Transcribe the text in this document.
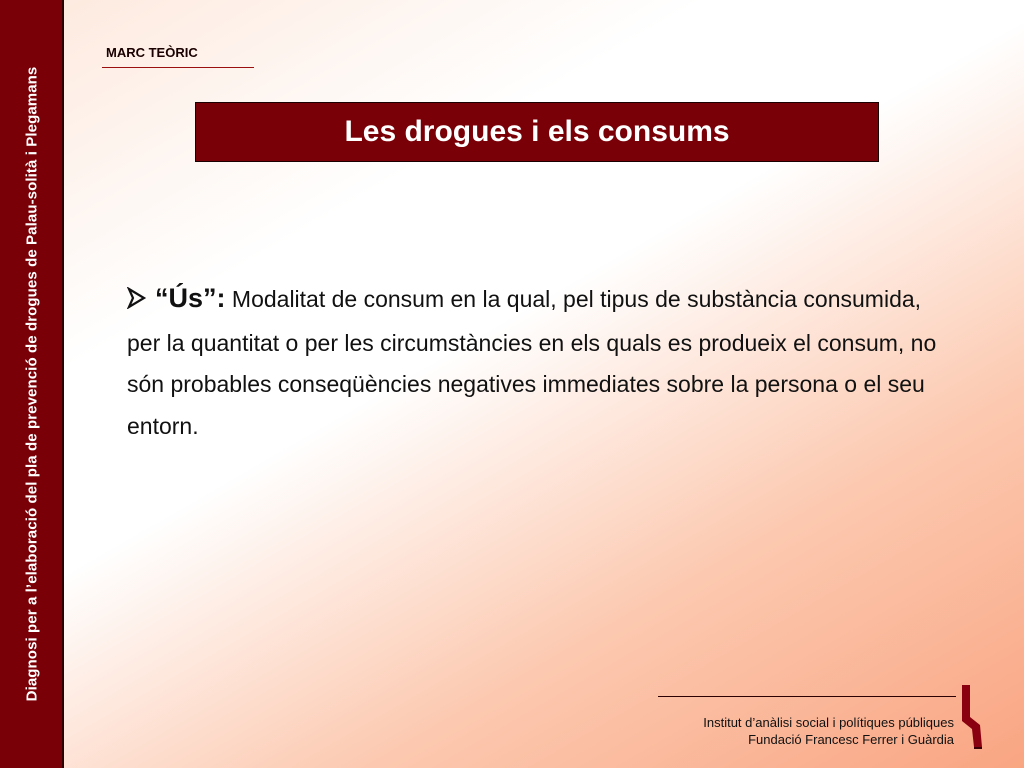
Diagnosi per a l’elaboració del pla de prevenció de drogues de Palau-solità i Plegamans
MARC TEÒRIC
Les drogues i els consums
“Ús”: Modalitat de consum en la qual, pel tipus de substància consumida, per la quantitat o per les circumstàncies en els quals es produeix el consum, no són probables conseqüències negatives immediates sobre la persona o el seu entorn.
Institut d’anàlisi social i polítiques públiques
Fundació Francesc Ferrer i Guàrdia
